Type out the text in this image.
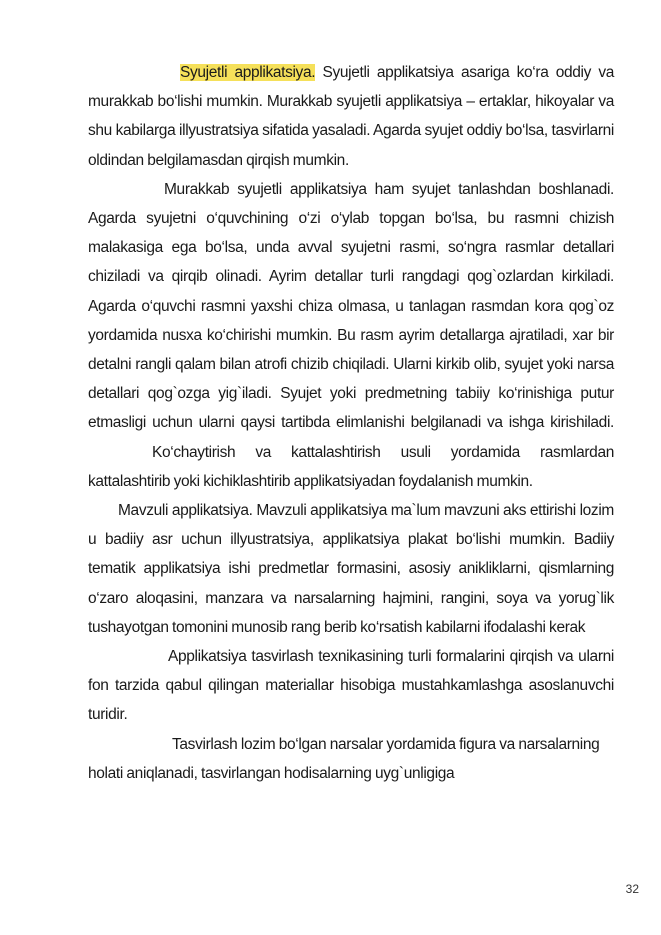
Syujetli applikatsiya. Syujetli applikatsiya asariga ko‘ra oddiy va murakkab bo‘lishi mumkin. Murakkab syujetli applikatsiya – ertaklar, hikoyalar va shu kabilarga illyustratsiya sifatida yasaladi. Agarda syujet oddiy bo‘lsa, tasvirlarni oldindan belgilamasdan qirqish mumkin.

Murakkab syujetli applikatsiya ham syujet tanlashdan boshlanadi. Agarda syujetni o‘quvchining o‘zi o‘ylab topgan bo‘lsa, bu rasmni chizish malakasiga ega bo‘lsa, unda avval syujetni rasmi, so‘ngra rasmlar detallari chiziladi va qirqib olinadi. Ayrim detallar turli rangdagi qog`ozlardan kirkiladi. Agarda o‘quvchi rasmni yaxshi chiza olmasa, u tanlagan rasmdan kora qog`oz yordamida nusxa ko‘chirishi mumkin. Bu rasm ayrim detallarga ajratiladi, xar bir detalni rangli qalam bilan atrofi chizib chiqiladi. Ularni kirkib olib, syujet yoki narsa detallari qog`ozga yig`iladi. Syujet yoki predmetning tabiiy ko‘rinishiga putur etmasligi uchun ularni qaysi tartibda elimlanishi belgilanadi va ishga kirishiladi.Ko‘chaytirish va kattalashtirish usuli yordamida rasmlardan kattalashtirib yoki kichiklashtirib applikatsiyadan foydalanish mumkin.

Mavzuli applikatsiya. Mavzuli applikatsiya ma`lum mavzuni aks ettirishi lozim u badiiy asr uchun illyustratsiya, applikatsiya plakat bo‘lishi mumkin. Badiiy tematik applikatsiya ishi predmetlar formasini, asosiy anikliklarni, qismlarning o‘zaro aloqasini, manzara va narsalarning hajmini, rangini, soya va yorug`lik tushayotgan tomonini munosib rang berib ko‘rsatish kabilarni ifodalashi kerak

Applikatsiya tasvirlash texnikasining turli formalarini qirqish va ularni fon tarzida qabul qilingan materiallar hisobiga mustahkamlashga asoslanuvchi turidir.

Tasvirlash lozim bo‘lgan narsalar yordamida figura va narsalarning holati aniqlanadi, tasvirlangan hodisalarning uyg`unligiga

32
